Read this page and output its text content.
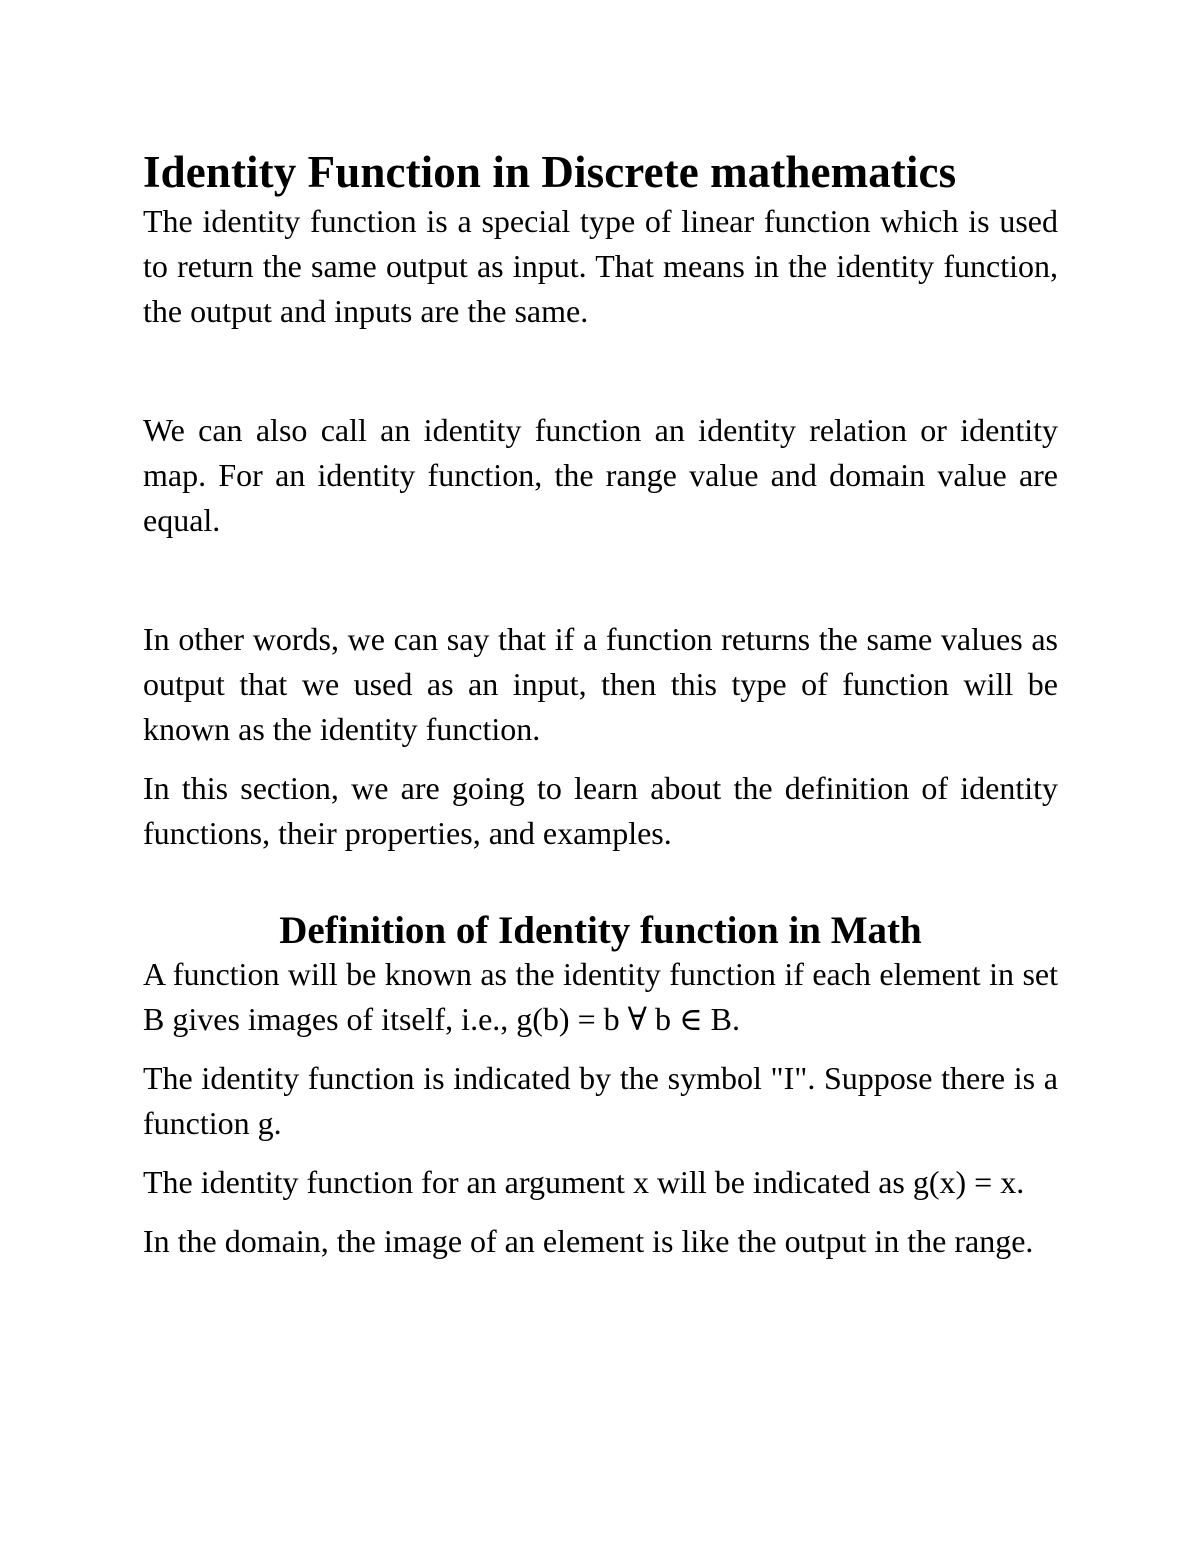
Identity Function in Discrete mathematics

The identity function is a special type of linear function which is used to return the same output as input. That means in the identity function, the output and inputs are the same.

We can also call an identity function an identity relation or identity map. For an identity function, the range value and domain value are equal.

In other words, we can say that if a function returns the same values as output that we used as an input, then this type of function will be known as the identity function.

In this section, we are going to learn about the definition of identity functions, their properties, and examples.

Definition of Identity function in Math

A function will be known as the identity function if each element in set B gives images of itself, i.e., g(b) = b ∀ b ∈ B.

The identity function is indicated by the symbol "I". Suppose there is a function g.

The identity function for an argument x will be indicated as g(x) = x.

In the domain, the image of an element is like the output in the range.
